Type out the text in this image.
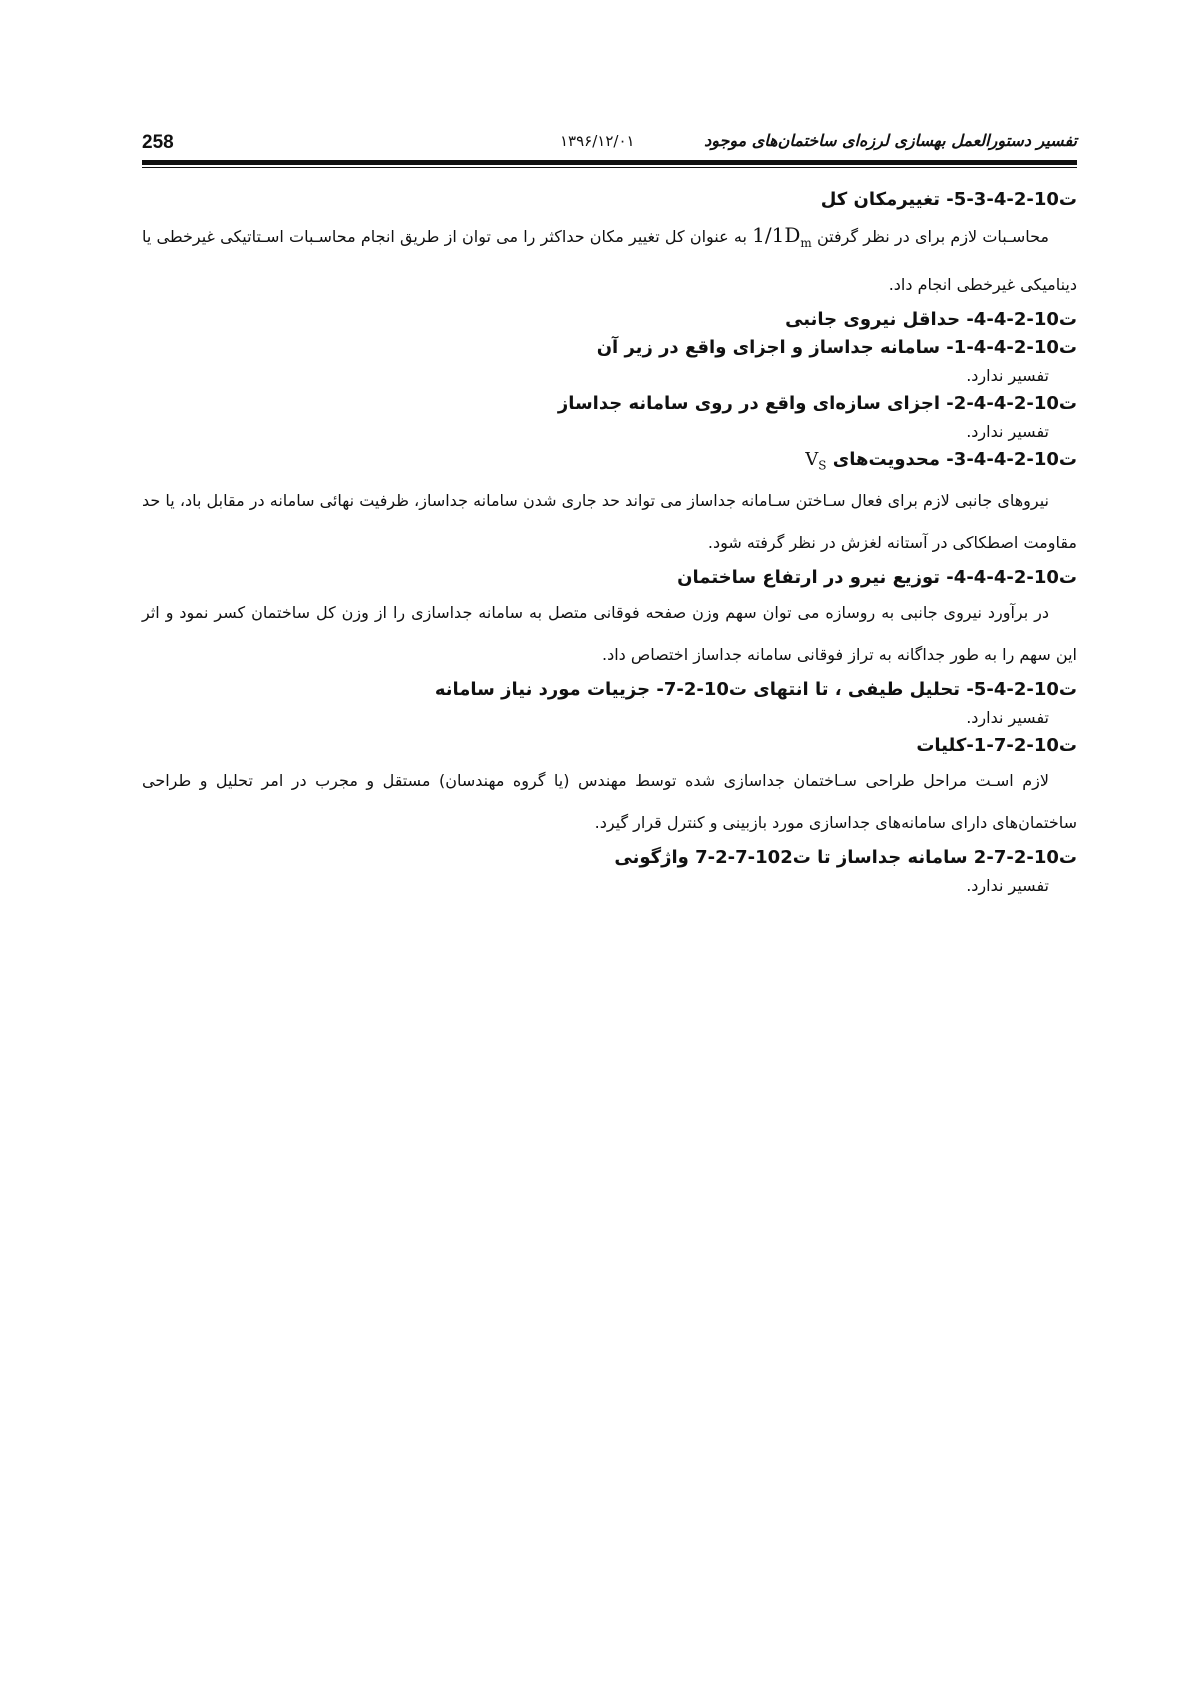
258	۱۳۹۶/۱۲/۰۱	تفسیر دستورالعمل بهسازی لرزه‌ای ساختمان‌های موجود
ت10-2-4-3-5- تغییرمکان کل

محاسـبات لازم برای در نظر گرفتن $1/1D_m$ به عنوان کل تغییر مکان حداکثر را می توان از طریق انجام محاسـبات اسـتاتیکی غیرخطی یا دینامیکی غیرخطی انجام داد.

ت10-2-4-4- حداقل نیروی جانبی
ت10-2-4-4-1- سامانه جداساز و اجزای واقع در زیر آن

تفسیر ندارد.

ت10-2-4-4-2- اجزای سازه‌ای واقع در روی سامانه جداساز

تفسیر ندارد.

ت10-2-4-4-3- محدویت‌های $V_S$

نیروهای جانبی لازم برای فعال سـاختن سـامانه جداساز می تواند حد جاری شدن سامانه جداساز، ظرفیت نهائی سامانه در مقابل باد، یا حد مقاومت اصطکاکی در آستانه لغزش در نظر گرفته شود.

ت10-2-4-4-4- توزیع نیرو در ارتفاع ساختمان

در برآورد نیروی جانبی به روسازه می توان سهم وزن صفحه فوقانی متصل به سامانه جداسازی را از وزن کل ساختمان کسر نمود و اثر این سهم را به طور جداگانه به تراز فوقانی سامانه جداساز اختصاص داد.

ت10-2-4-5- تحلیل طیفی ، تا انتهای ت10-2-7- جزییات مورد نیاز سامانه

تفسیر ندارد.

ت10-2-7-1-کلیات

لازم اسـت مراحل طراحی سـاختمان جداسازی شده توسط مهندس (یا گروه مهندسان) مستقل و مجرب در امر تحلیل و طراحی ساختمان‌های دارای سامانه‌های جداسازی مورد بازبینی و کنترل قرار گیرد.

ت10-2-7-2 سامانه جداساز تا ت102-7-2-7 واژگونی

تفسیر ندارد.
